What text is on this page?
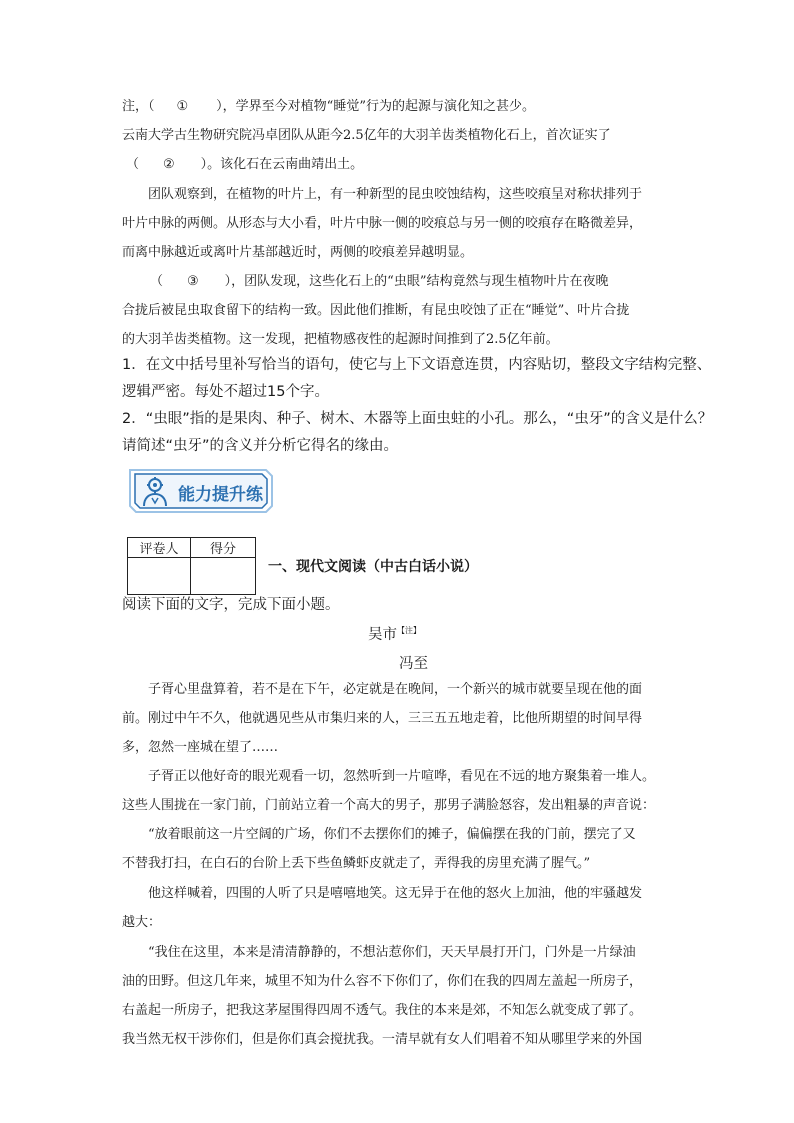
注，（ ① ），学界至今对植物“睡觉”行为的起源与演化知之甚少。
云南大学古生物研究院冯卓团队从距今2.5亿年的大羽羊齿类植物化石上，首次证实了
（ ② ）。该化石在云南曲靖出土。
团队观察到，在植物的叶片上，有一种新型的昆虫咬蚀结构，这些咬痕呈对称状排列于
叶片中脉的两侧。从形态与大小看，叶片中脉一侧的咬痕总与另一侧的咬痕存在略微差异，
而离中脉越近或离叶片基部越近时，两侧的咬痕差异越明显。
（ ③ ），团队发现，这些化石上的“虫眼”结构竟然与现生植物叶片在夜晚
合拢后被昆虫取食留下的结构一致。因此他们推断，有昆虫咬蚀了正在“睡觉”、叶片合拢
的大羽羊齿类植物。这一发现，把植物感夜性的起源时间推到了2.5亿年前。
1．在文中括号里补写恰当的语句，使它与上下文语意连贯，内容贴切，整段文字结构完整、
逻辑严密。每处不超过15个字。
2．“虫眼”指的是果肉、种子、树木、木器等上面虫蛀的小孔。那么，“虫牙”的含义是什么？
请简述“虫牙”的含义并分析它得名的缘由。
能力提升练
评卷人	得分

一、现代文阅读（中古白话小说）
阅读下面的文字，完成下面小题。
吴市$^{【注】}$
冯至
子胥心里盘算着，若不是在下午，必定就是在晚间，一个新兴的城市就要呈现在他的面
前。刚过中午不久，他就遇见些从市集归来的人，三三五五地走着，比他所期望的时间早得
多，忽然一座城在望了……
子胥正以他好奇的眼光观看一切，忽然听到一片喧哗，看见在不远的地方聚集着一堆人。
这些人围拢在一家门前，门前站立着一个高大的男子，那男子满脸怒容，发出粗暴的声音说：
“放着眼前这一片空阔的广场，你们不去摆你们的摊子，偏偏摆在我的门前，摆完了又
不替我打扫，在白石的台阶上丢下些鱼鳞虾皮就走了，弄得我的房里充满了腥气。”
他这样喊着，四围的人听了只是嘻嘻地笑。这无异于在他的怒火上加油，他的牢骚越发
越大：
“我住在这里，本来是清清静静的，不想沾惹你们，天天早晨打开门，门外是一片绿油
油的田野。但这几年来，城里不知为什么容不下你们了，你们在我的四周左盖起一所房子，
右盖起一所房子，把我这茅屋围得四周不透气。我住的本来是郊，不知怎么就变成了郭了。
我当然无权干涉你们，但是你们真会搅扰我。一清早就有女人们唱着不知从哪里学来的外国
